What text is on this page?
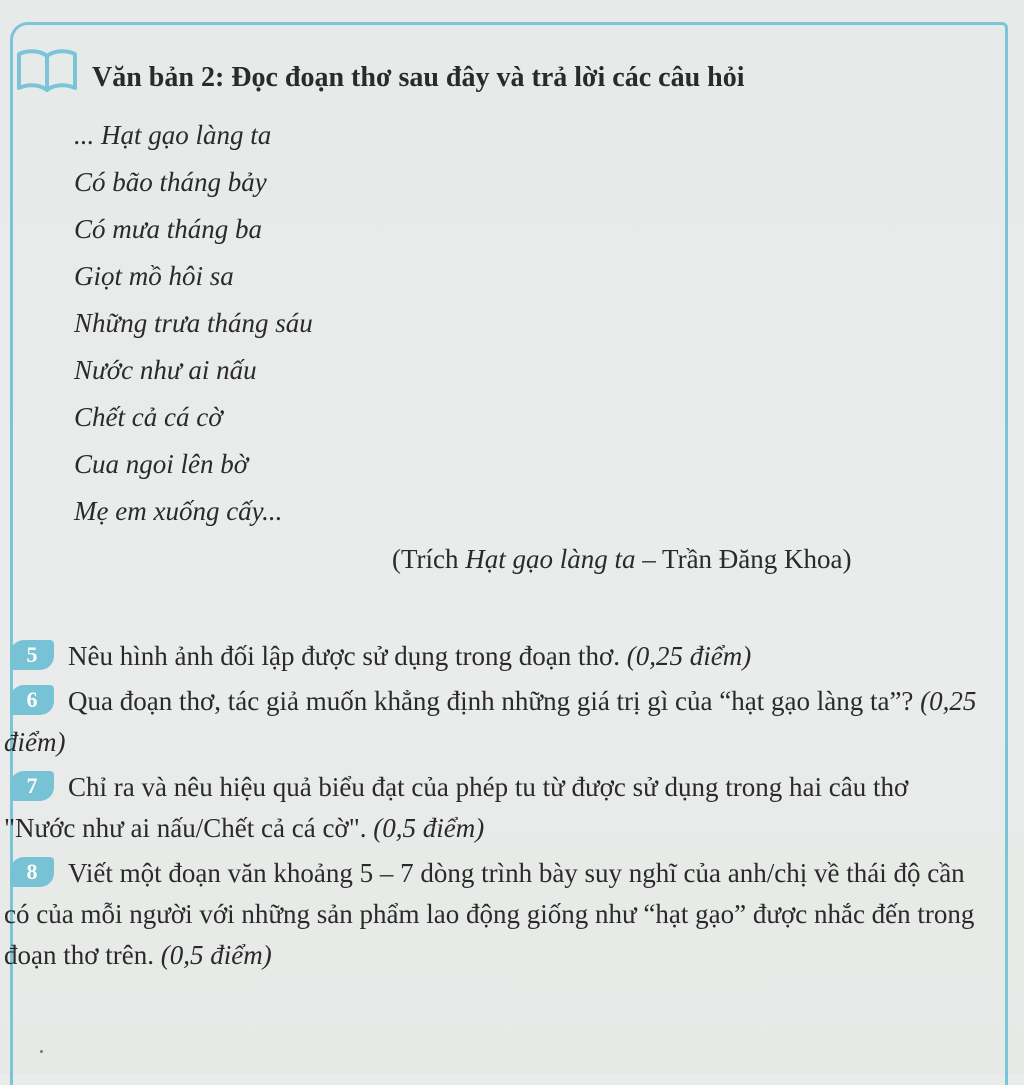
Văn bản 2: Đọc đoạn thơ sau đây và trả lời các câu hỏi
... Hạt gạo làng ta
Có bão tháng bảy
Có mưa tháng ba
Giọt mồ hôi sa
Những trưa tháng sáu
Nước như ai nấu
Chết cả cá cờ
Cua ngoi lên bờ
Mẹ em xuống cấy...
(Trích Hạt gạo làng ta – Trần Đăng Khoa)

5 Nêu hình ảnh đối lập được sử dụng trong đoạn thơ. (0,25 điểm)

6 Qua đoạn thơ, tác giả muốn khẳng định những giá trị gì của “hạt gạo làng ta”? (0,25 điểm)

7 Chỉ ra và nêu hiệu quả biểu đạt của phép tu từ được sử dụng trong hai câu thơ "Nước như ai nấu/Chết cả cá cờ". (0,5 điểm)

8 Viết một đoạn văn khoảng 5 – 7 dòng trình bày suy nghĩ của anh/chị về thái độ cần có của mỗi người với những sản phẩm lao động giống như “hạt gạo” được nhắc đến trong đoạn thơ trên. (0,5 điểm)
